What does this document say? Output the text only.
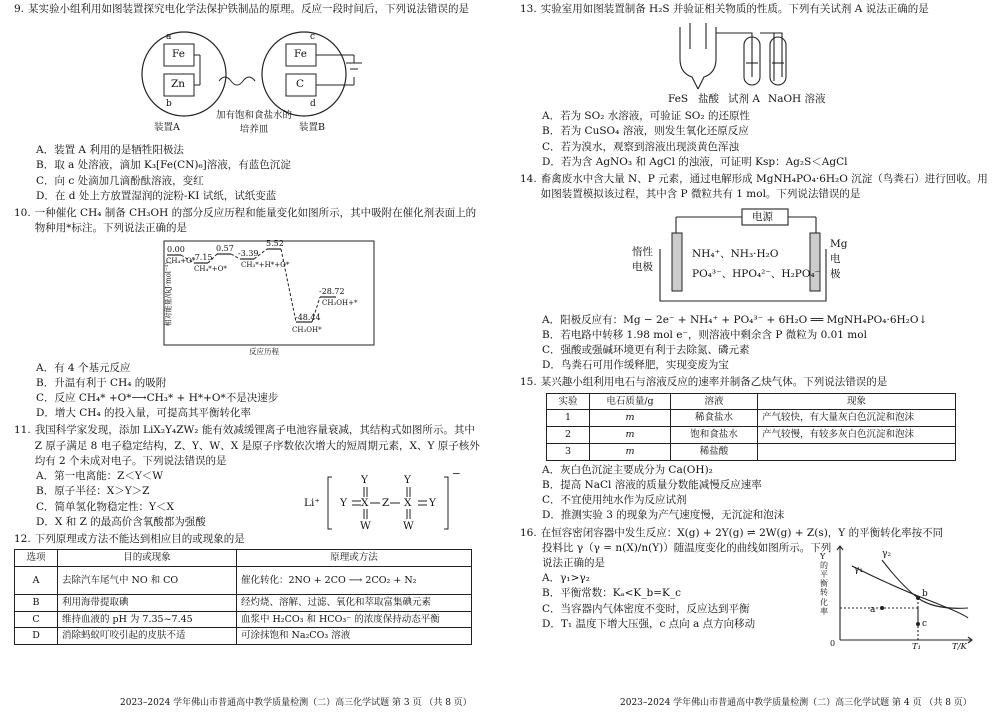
9. 某实验小组利用如图装置探究电化学法保护铁制品的原理。反应一段时间后，下列说法错误的是
Fe
Zn
a
b
Fe
C
c
d
装置A
加有饱和食盐水的培养皿	装置B
A．装置 A 利用的是牺牲阳极法
B．取 a 处溶液，滴加 K₃[Fe(CN)₆]溶液，有蓝色沉淀
C．向 c 处滴加几滴酚酞溶液，变红
D．在 d 处上方放置湿润的淀粉-KI 试纸，试纸变蓝
10. 一种催化 CH₄ 制备 CH₃OH 的部分反应历程和能量变化如图所示，其中吸附在催化剂表面上的物种用*标注。下列说法正确的是
相对能量/(kJ·mol⁻¹)
0.00
-7.15
0.57
-3.39
5.52
-48.44
-28.72
CH₄+O*
CH₄*+O* CH₃*+H*+O*
CH₃OH*
CH₃OH+*
反应历程
A．有 4 个基元反应
B．升温有利于 CH₄ 的吸附
C．反应 CH₄* +O*⟶CH₃* + H*+O*不是决速步
D．增大 CH₄ 的投入量，可提高其平衡转化率
11. 我国科学家发现，添加 LiX₂Y₄ZW₂ 能有效减缓锂离子电池容量衰减，其结构式如图所示。其中 Z 原子满足 8 电子稳定结构，Z、Y、W、X 是原子序数依次增大的短周期元素，X、Y 原子核外均有 2 个未成对电子。下列说法错误的是
A．第一电离能：Z＜Y＜W
B．原子半径：X＞Y＞Z
C．简单氢化物稳定性：Y＜X
D．X 和 Z 的最高价含氧酸都为强酸
Li⁺ Y X Z X Y
Y
W
Y
W
−
12. 下列原理或方法不能达到相应目的或现象的是
选项	目的或现象	原理或方法
A	去除汽车尾气中 NO 和 CO	催化转化：2NO + 2CO ⟶ 2CO₂ + N₂
B	利用海带提取碘	经灼烧、溶解、过滤、氧化和萃取富集碘元素
C	维持血液的 pH 为 7.35~7.45	血浆中 H₂CO₃ 和 HCO₃⁻ 的浓度保持动态平衡
D	消除蚂蚁叮咬引起的皮肤不适	可涂抹饱和 Na₂CO₃ 溶液
2023–2024 学年佛山市普通高中教学质量检测（二）高三化学试题 第 3 页 （共 8 页）
13. 实验室用如图装置制备 H₂S 并验证相关物质的性质。下列有关试剂 A 说法正确的是
FeS 盐酸 试剂 A NaOH 溶液
A．若为 SO₂ 水溶液，可验证 SO₂ 的还原性
B．若为 CuSO₄ 溶液，则发生氧化还原反应
C．若为溴水，观察到溶液出现淡黄色浑浊
D．若为含 AgNO₃ 和 AgCl 的浊液，可证明 Ksp：Ag₂S＜AgCl
14. 畜禽废水中含大量 N、P 元素，通过电解形成 MgNH₄PO₄·6H₂O 沉淀（鸟粪石）进行回收。用如图装置模拟该过程，其中含 P 微粒共有 1 mol。下列说法错误的是
电源
惰性电极
Mg电极
NH₄⁺、NH₃·H₂O
PO₄³⁻、HPO₄²⁻、H₂PO₄⁻
A．阳极反应有：Mg − 2e⁻ + NH₄⁺ + PO₄³⁻ + 6H₂O ══ MgNH₄PO₄·6H₂O↓
B．若电路中转移 1.98 mol e⁻，则溶液中剩余含 P 微粒为 0.01 mol
C．强酸或强碱环境更有利于去除氮、磷元素
D．鸟粪石可用作缓释肥，实现变废为宝
15. 某兴趣小组利用电石与溶液反应的速率并制备乙炔气体。下列说法错误的是
实验	电石质量/g	溶液	现象
1	m	稀食盐水	产气较快，有大量灰白色沉淀和泡沫
2	m	饱和食盐水	产气较慢，有较多灰白色沉淀和泡沫
3	m	稀盐酸	
A．灰白色沉淀主要成分为 Ca(OH)₂
B．提高 NaCl 溶液的质量分数能减慢反应速率
C．不宜使用纯水作为反应试剂
D．推测实验 3 的现象为产气速度慢，无沉淀和泡沫
16. 在恒容密闭容器中发生反应：X(g) + 2Y(g) ⇌ 2W(g) + Z(s)，Y 的平衡转化率按不同
投料比 γ（γ = n(X)/n(Y)）随温度变化的曲线如图所示。下列说法正确的是
A．γ₁>γ₂
B．平衡常数：Kₐ<K_b=K_c
C．当容器内气体密度不变时，反应达到平衡
D．T₁ 温度下增大压强，c 点向 a 点方向移动
Y的平衡转化率
γ₁
γ₂
a
b
c
0	T₁	T/K
2023–2024 学年佛山市普通高中教学质量检测（二）高三化学试题 第 4 页 （共 8 页）
